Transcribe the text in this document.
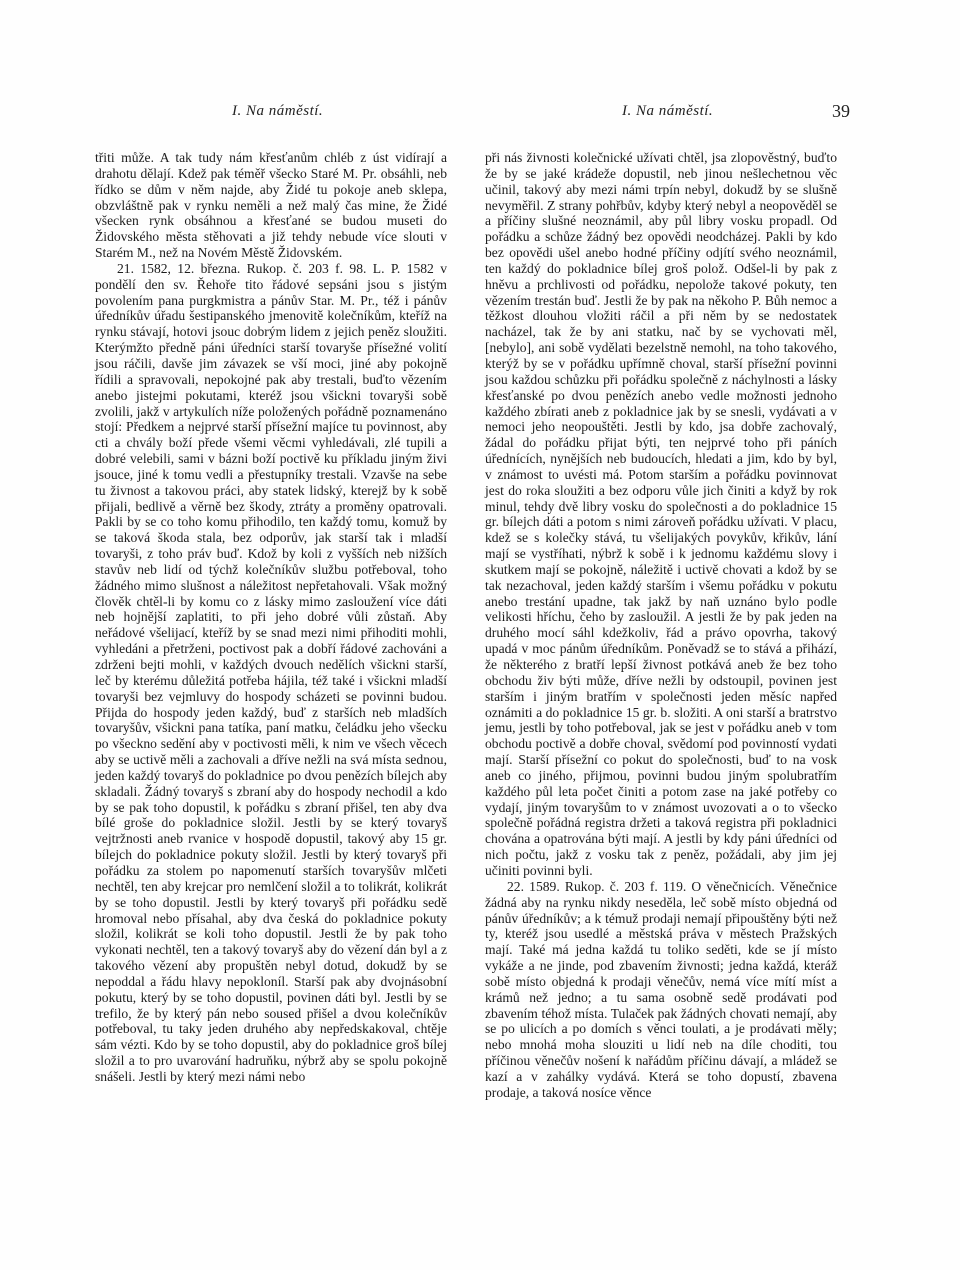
I. Na náměstí.	I. Na náměstí.	39

třiti může. A tak tudy nám křesťanům chléb z úst vidírají a drahotu dělají. Kdež pak téměř všecko Staré M. Pr. obsáhli, neb řídko se dům v něm najde, aby Židé tu pokoje aneb sklepa, obzvláštně pak v rynku neměli a než malý čas mine, že Židé všecken rynk obsáhnou a křesťané se budou museti do Židovského města stěhovati a již tehdy nebude více slouti v Starém M., než na Novém Městě Židovském.

21. 1582, 12. března. Rukop. č. 203 f. 98. L. P. 1582 v pondělí den sv. Řehoře tito řádové sepsáni jsou s jistým povolením pana purgkmistra a pánův Star. M. Pr., též i pánův úředníkův úřadu šestipanského jmenovitě kolečníkům, kteříž na rynku stávají, hotovi jsouc dobrým lidem z jejich peněz sloužiti. Kterýmžto předně páni úředníci starší tovaryše přísežné volití jsou ráčili, davše jim závazek se vší moci, jiné aby pokojně řídili a spravovali, nepokojné pak aby trestali, buďto vězením anebo jistejmi pokutami, kteréž jsou všickni tovaryši sobě zvolili, jakž v artykulích níže položených pořádně poznamenáno stojí: Předkem a nejprvé starší přísežní majíce tu povinnost, aby cti a chvály boží přede všemi věcmi vyhledávali, zlé tupili a dobré velebili, sami v bázni boží poctivě ku příkladu jiným živi jsouce, jiné k tomu vedli a přestupníky trestali. Vzavše na sebe tu živnost a takovou práci, aby statek lidský, kterejž by k sobě přijali, bedlivě a věrně bez škody, ztráty a proměny opatrovali. Pakli by se co toho komu přihodilo, ten každý tomu, komuž by se taková škoda stala, bez odporův, jak starší tak i mladší tovaryši, z toho práv buď. Kdož by koli z vyšších neb nižších stavův neb lidí od týchž kolečníkův službu potřeboval, toho žádného mimo slušnost a náležitost nepřetahovali. Však možný člověk chtěl-li by komu co z lásky mimo zasloužení více dáti neb hojnější zaplatiti, to při jeho dobré vůli zůstaň. Aby neřádové všelijací, kteříž by se snad mezi nimi přihoditi mohli, vyhledáni a přetrženi, poctivost pak a dobří řádové zachováni a zdrženi bejti mohli, v každých dvouch nedělích všickni starší, leč by kterému důležitá potřeba hájila, též také i všickni mladší tovaryši bez vejmluvy do hospody scházeti se povinni budou. Přijda do hospody jeden každý, buď z starších neb mladších tovaryšův, všickni pana tatíka, paní matku, čeládku jeho všecku po všeckno sedění aby v poctivosti měli, k nim ve všech věcech aby se uctivě měli a zachovali a dříve nežli na svá místa sednou, jeden každý tovaryš do pokladnice po dvou penězích bílejch aby skladali. Žádný tovaryš s zbraní aby do hospody nechodil a kdo by se pak toho dopustil, k pořádku s zbraní přišel, ten aby dva bílé groše do pokladnice složil. Jestli by se který tovaryš vejtržnosti aneb rvanice v hospodě dopustil, takový aby 15 gr. bílejch do pokladnice pokuty složil. Jestli by který tovaryš při pořádku za stolem po napomenutí starších tovaryšův mlčeti nechtěl, ten aby krejcar pro nemlčení složil a to tolikrát, kolikrát by se toho dopustil. Jestli by který tovaryš při pořádku sedě hromoval nebo přísahal, aby dva česká do pokladnice pokuty složil, kolikrát se koli toho dopustil. Jestli že by pak toho vykonati nechtěl, ten a takový tovaryš aby do vězení dán byl a z takového vězení aby propuštěn nebyl dotud, dokudž by se nepoddal a řádu hlavy nepokloníl. Starší pak aby dvojnásobní pokutu, který by se toho dopustil, povinen dáti byl. Jestli by se trefilo, že by který pán nebo soused přišel a dvou kolečníkův potřeboval, tu taky jeden druhého aby nepředskakoval, chtěje sám vézti. Kdo by se toho dopustil, aby do pokladnice groš bílej složil a to pro uvarování hadruňku, nýbrž aby se spolu pokojně snášeli. Jestli by který mezi námi nebo

při nás živnosti kolečnické užívati chtěl, jsa zlopověstný, buďto že by se jaké krádeže dopustil, neb jinou nešlechetnou věc učinil, takový aby mezi námi trpín nebyl, dokudž by se slušně nevyměřil. Z strany pohřbův, kdyby který nebyl a neopověděl se a příčiny slušné neoznámil, aby půl libry vosku propadl. Od pořádku a schůze žádný bez opovědi neodcházej. Pakli by kdo bez opovědi ušel anebo hodné příčiny odjítí svého neoznámil, ten každý do pokladnice bílej groš polož. Odšel-li by pak z hněvu a prchlivosti od pořádku, nepolože takové pokuty, ten vězením trestán buď. Jestli že by pak na někoho P. Bůh nemoc a těžkost dlouhou vložiti ráčil a při něm by se nedostatek nacházel, tak že by ani statku, nač by se vychovati měl, [nebylo], ani sobě vydělati bezelstně nemohl, na toho takového, kterýž by se v pořádku upřímně choval, starší přísežní povinni jsou každou schůzku při pořádku společně z náchylnosti a lásky křesťanské po dvou penězích anebo vedle možnosti jednoho každého zbírati aneb z pokladnice jak by se snesli, vydávati a v nemoci jeho neopouštěti. Jestli by kdo, jsa dobře zachovalý, žádal do pořádku přijat býti, ten nejprvé toho při páních úřednících, nynějších neb budoucích, hledati a jim, kdo by byl, v známost to uvésti má. Potom starším a pořádku povinnovat jest do roka sloužiti a bez odporu vůle jich činiti a když by rok minul, tehdy dvě libry vosku do společnosti a do pokladnice 15 gr. bílejch dáti a potom s nimi zároveň pořádku užívati. V placu, kdež se s kolečky stává, tu všelijakých povykův, křikův, lání mají se vystříhati, nýbrž k sobě i k jednomu každému slovy i skutkem mají se pokojně, náležitě i uctivě chovati a kdož by se tak nezachoval, jeden každý starším i všemu pořádku v pokutu anebo trestání upadne, tak jakž by naň uznáno bylo podle velikosti hříchu, čeho by zasloužil. A jestli že by pak jeden na druhého mocí sáhl kdežkoliv, řád a právo opovrha, takový upadá v moc pánům úředníkům. Poněvadž se to stává a přihází, že některého z bratří lepší živnost potkává aneb že bez toho obchodu živ býti může, dříve nežli by odstoupil, povinen jest starším i jiným bratřím v společnosti jeden měsíc napřed oznámiti a do pokladnice 15 gr. b. složiti. A oni starší a bratrstvo jemu, jestli by toho potřeboval, jak se jest v pořádku aneb v tom obchodu poctivě a dobře choval, svědomí pod povinností vydati mají. Starší přísežní co pokut do společnosti, buď to na vosk aneb co jiného, přijmou, povinni budou jiným spolubratřím každého půl leta počet činiti a potom zase na jaké potřeby co vydají, jiným tovaryšům to v známost uvozovati a o to všecko společně pořádná registra držeti a taková registra při pokladnici chována a opatrována býti mají. A jestli by kdy páni úředníci od nich počtu, jakž z vosku tak z peněz, požádali, aby jim jej učiniti povinni byli.

22. 1589. Rukop. č. 203 f. 119. O věnečnicích. Věnečnice žádná aby na rynku nikdy neseděla, leč sobě místo objedná od pánův úředníkův; a k témuž prodaji nemají připouštěny býti než ty, kteréž jsou usedlé a městská práva v městech Pražských mají. Také má jedna každá tu toliko seděti, kde se jí místo vykáže a ne jinde, pod zbavením živnosti; jedna každá, kteráž sobě místo objedná k prodaji věnečův, nemá více mítí míst a krámů než jedno; a tu sama osobně sedě prodávati pod zbavením téhož místa. Tulaček pak žádných chovati nemají, aby se po ulicích a po domích s věnci toulati, a je prodávati měly; nebo mnohá moha slouziti u lidí neb na díle choditi, tou příčinou věnečův nošení k nařádům příčinu dávají, a mládež se kazí a v zahálky vydává. Která se toho dopustí, zbavena prodaje, a taková nosíce věnce
